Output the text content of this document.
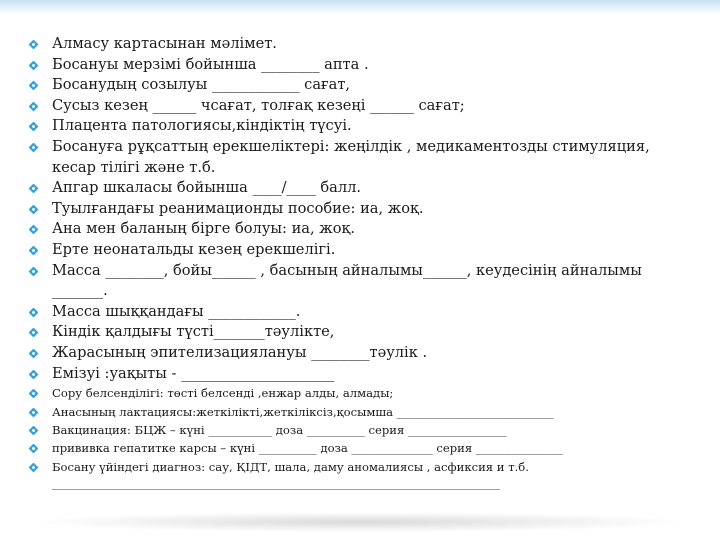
Алмасу картасынан мәлімет.
Босануы мерзімі бойынша ________ апта .
Босанудың созылуы ____________ сағат,
Сусыз кезең ______ чсағат, толғақ кезеңі ______ сағат;
Плацента патологиясы,кіндіктің түсуі.
Босануға рұқсаттың ерекшеліктері: жеңілдік , медикаментозды стимуляция, кесар тілігі және т.б.
Апгар шкаласы бойынша ____/____ балл.
Туылғандағы реанимационды пособие: иа, жоқ.
Ана мен баланың бірге болуы: иа, жоқ.
Ерте неонатальды кезең ерекшелігі.
Масса ________, бойы______ , басының айналымы______, кеудесінің айналымы _______.
Масса шыққандағы ____________.
Кіндік қалдығы түсті_______тәулікте,
Жарасының эпителизациялануы ________тәулік .
Емізуі :уақыты - _____________________
Сору белсенділігі: төсті белсенді ,енжар алды, алмады;
Анасының лактациясы:жеткілікті,жеткіліксіз,қосымша ___________________________
Вакцинация: БЦЖ – күні ___________ доза __________ серия _________________
прививка гепатитке карсы – күні __________ доза ______________ серия _______________
Босану үйіндегі диагноз: сау, ҚІДТ, шала, даму аномалиясы , асфиксия и т.б.
________________________________________________________________________________
